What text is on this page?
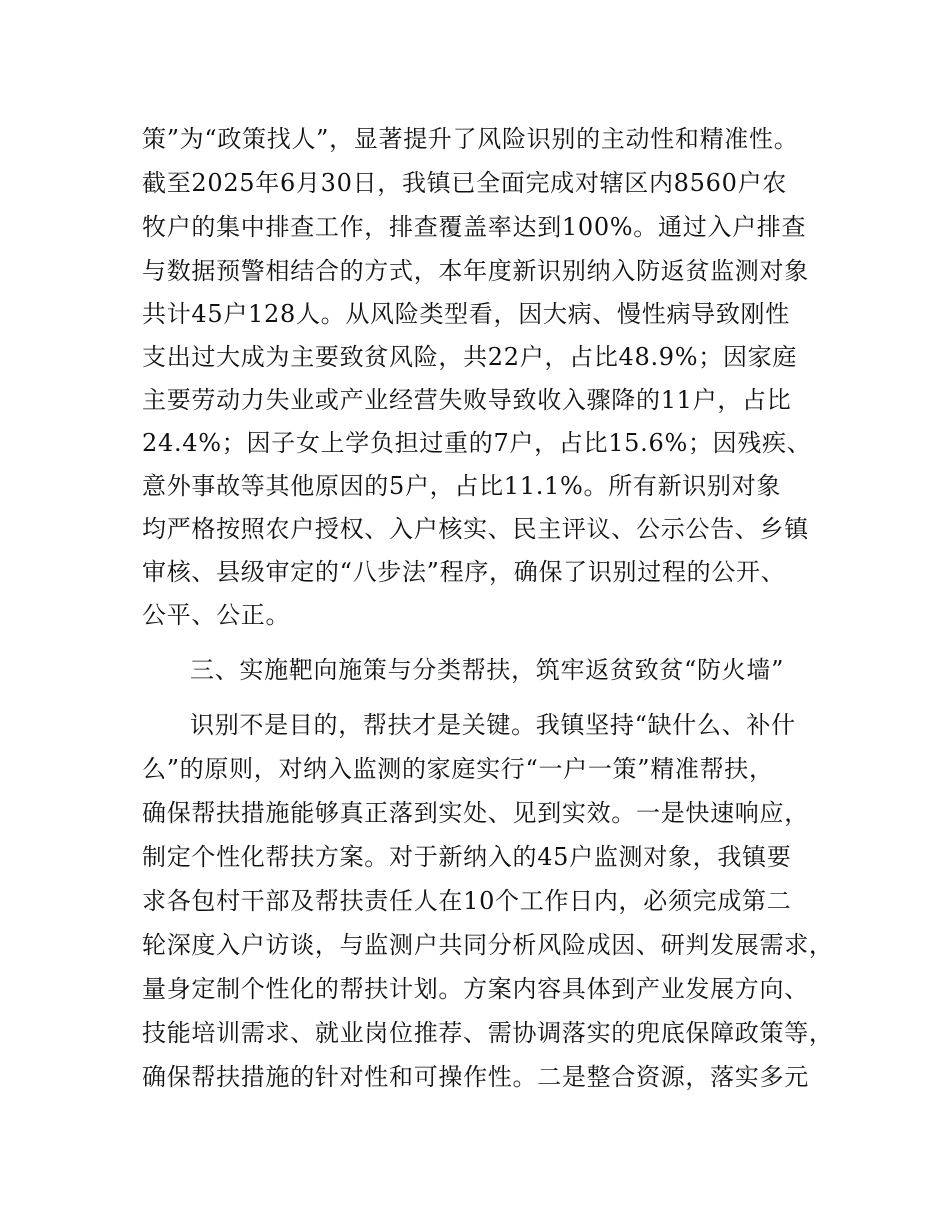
策”为“政策找人”，显著提升了风险识别的主动性和精准性。
截至2025年6月30日，我镇已全面完成对辖区内8560户农
牧户的集中排查工作，排查覆盖率达到100%。通过入户排查
与数据预警相结合的方式，本年度新识别纳入防返贫监测对象
共计45户128人。从风险类型看，因大病、慢性病导致刚性
支出过大成为主要致贫风险，共22户，占比48.9%；因家庭
主要劳动力失业或产业经营失败导致收入骤降的11户，占比
24.4%；因子女上学负担过重的7户，占比15.6%；因残疾、
意外事故等其他原因的5户，占比11.1%。所有新识别对象
均严格按照农户授权、入户核实、民主评议、公示公告、乡镇
审核、县级审定的“八步法”程序，确保了识别过程的公开、
公平、公正。
三、实施靶向施策与分类帮扶，筑牢返贫致贫“防火墙”
识别不是目的，帮扶才是关键。我镇坚持“缺什么、补什
么”的原则，对纳入监测的家庭实行“一户一策”精准帮扶，
确保帮扶措施能够真正落到实处、见到实效。一是快速响应，
制定个性化帮扶方案。对于新纳入的45户监测对象，我镇要
求各包村干部及帮扶责任人在10个工作日内，必须完成第二
轮深度入户访谈，与监测户共同分析风险成因、研判发展需求，
量身定制个性化的帮扶计划。方案内容具体到产业发展方向、
技能培训需求、就业岗位推荐、需协调落实的兜底保障政策等，
确保帮扶措施的针对性和可操作性。二是整合资源，落实多元
